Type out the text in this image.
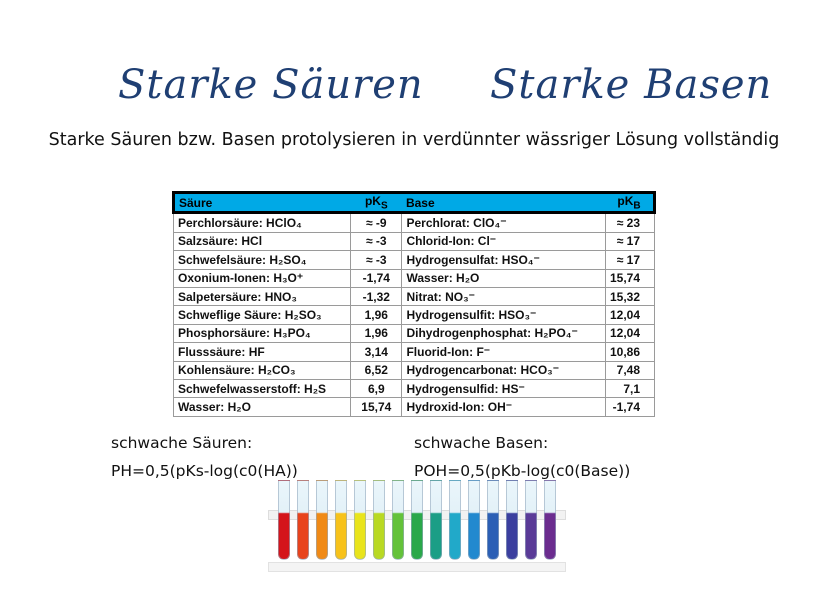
Starke Säuren Starke Basen
Starke Säuren bzw. Basen protolysieren in verdünnter wässriger Lösung vollständig
Säure	$pK_S$	Base	$pK_B$
Perchlorsäure: HClO₄	≈ -9	Perchlorat: ClO₄⁻	≈ 23
Salzsäure: HCl	≈ -3	Chlorid-Ion: Cl⁻	≈ 17
Schwefelsäure: H₂SO₄	≈ -3	Hydrogensulfat: HSO₄⁻	≈ 17
Oxonium-Ionen: H₃O⁺	-1,74	Wasser: H₂O	15,74
Salpetersäure: HNO₃	-1,32	Nitrat: NO₃⁻	15,32
Schweflige Säure: H₂SO₃	1,96	Hydrogensulfit: HSO₃⁻	12,04
Phosphorsäure: H₃PO₄	1,96	Dihydrogenphosphat: H₂PO₄⁻	12,04
Flusssäure: HF	3,14	Fluorid-Ion: F⁻	10,86
Kohlensäure: H₂CO₃	6,52	Hydrogencarbonat: HCO₃⁻	7,48
Schwefelwasserstoff: H₂S	6,9	Hydrogensulfid: HS⁻	7,1
Wasser: H₂O	15,74	Hydroxid-Ion: OH⁻	-1,74
schwache Säuren:	schwache Basen:
PH=0,5(pKs-log(c0(HA))	POH=0,5(pKb-log(c0(Base))
